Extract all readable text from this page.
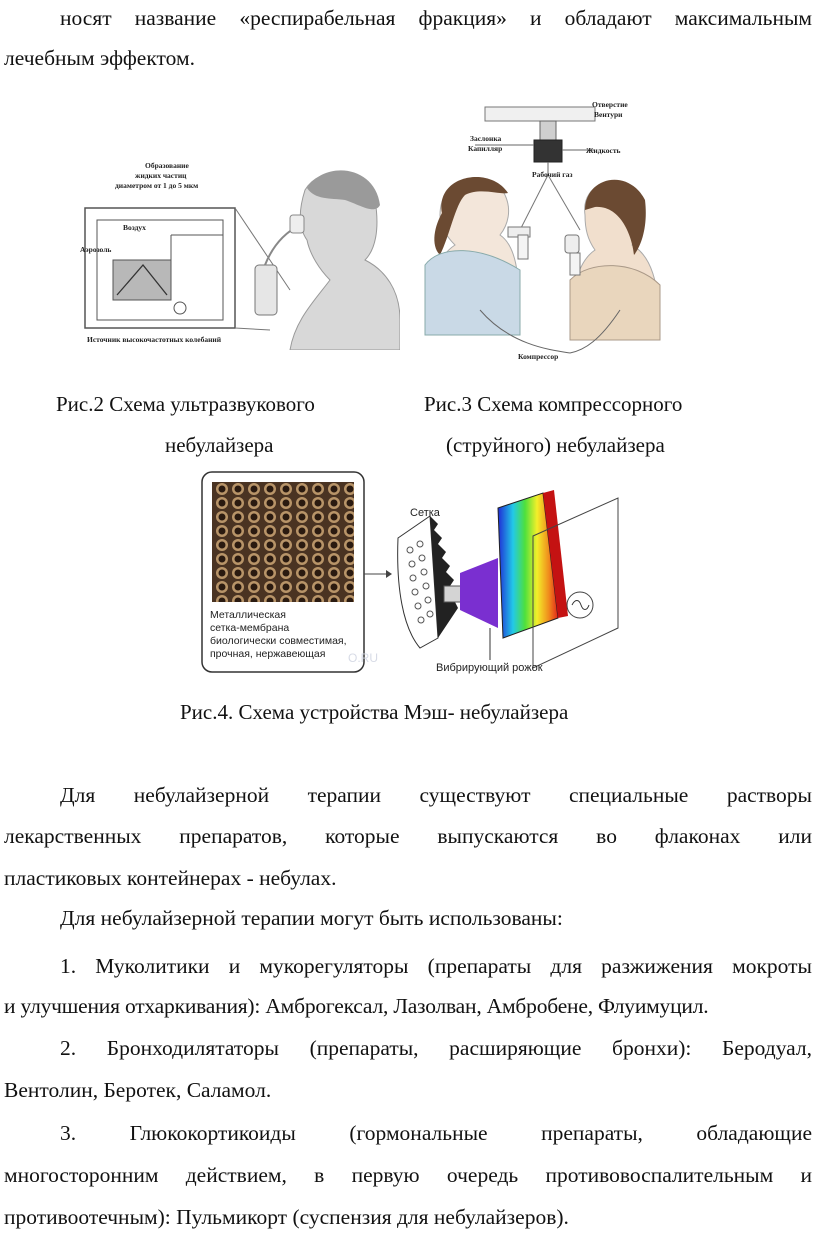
носят название «респирабельная фракция» и обладают максимальным
лечебным эффектом.
Образование
жидких частиц
диаметром от 1 до 5 мкм
Воздух
Аэрозоль
Источник высокочастотных колебаний
Отверстие
Вентури
Заслонка
Капилляр	Жидкость
Рабочий газ
Компрессор
Рис.2 Схема ультразвукового
небулайзера
Рис.3 Схема компрессорного
(струйного) небулайзера
Металлическая
сетка-мембрана
биологически совместимая,
прочная, нержавеющая О.RU
Сетка
Вибрирующий рожок
Рис.4. Схема устройства Мэш- небулайзера
Для небулайзерной терапии существуют специальные растворы
лекарственных препаратов, которые выпускаются во флаконах или
пластиковых контейнерах - небулах.
Для небулайзерной терапии могут быть использованы:
1. Муколитики и мукорегуляторы (препараты для разжижения мокроты
и улучшения отхаркивания): Амброгексал, Лазолван, Амбробене, Флуимуцил.
2. Бронходилятаторы (препараты, расширяющие бронхи): Беродуал,
Вентолин, Беротек, Саламол.
3. Глюкокортикоиды (гормональные препараты, обладающие
многосторонним действием, в первую очередь противовоспалительным и
противоотечным): Пульмикорт (суспензия для небулайзеров).
